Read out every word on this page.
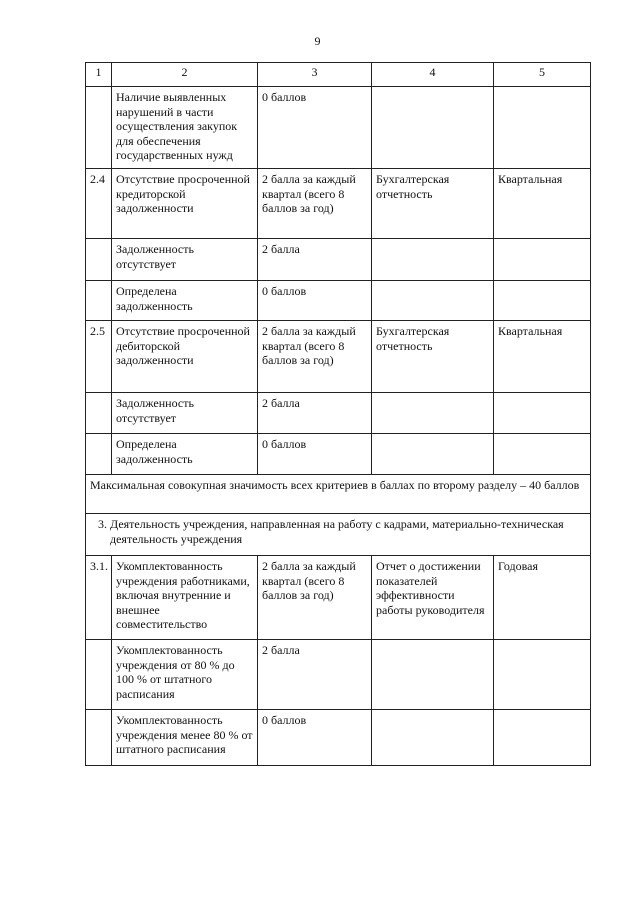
9
1	2	3	4	5
	Наличие выявленных нарушений в части осуществления закупок для обеспечения государственных нужд	0 баллов		
2.4	Отсутствие просроченной кредиторской задолженности	2 балла за каждый квартал (всего 8 баллов за год)	Бухгалтерская отчетность	Квартальная
	Задолженность отсутствует	2 балла		
	Определена задолженность	0 баллов		
2.5	Отсутствие просроченной дебиторской задолженности	2 балла за каждый квартал (всего 8 баллов за год)	Бухгалтерская отчетность	Квартальная
	Задолженность отсутствует	2 балла		
	Определена задолженность	0 баллов		
Максимальная совокупная значимость всех критериев в баллах по второму разделу – 40 баллов				

3. Деятельность учреждения, направленная на работу с кадрами, материально-техническая деятельность учреждения				

3.1.	Укомплектованность учреждения работниками, включая внутренние и внешнее совместительство	2 балла за каждый квартал (всего 8 баллов за год)	Отчет о достижении показателей эффективности работы руководителя	Годовая
	Укомплектованность учреждения от 80 % до 100 % от штатного расписания	2 балла		
	Укомплектованность учреждения менее 80 % от штатного расписания	0 баллов		
